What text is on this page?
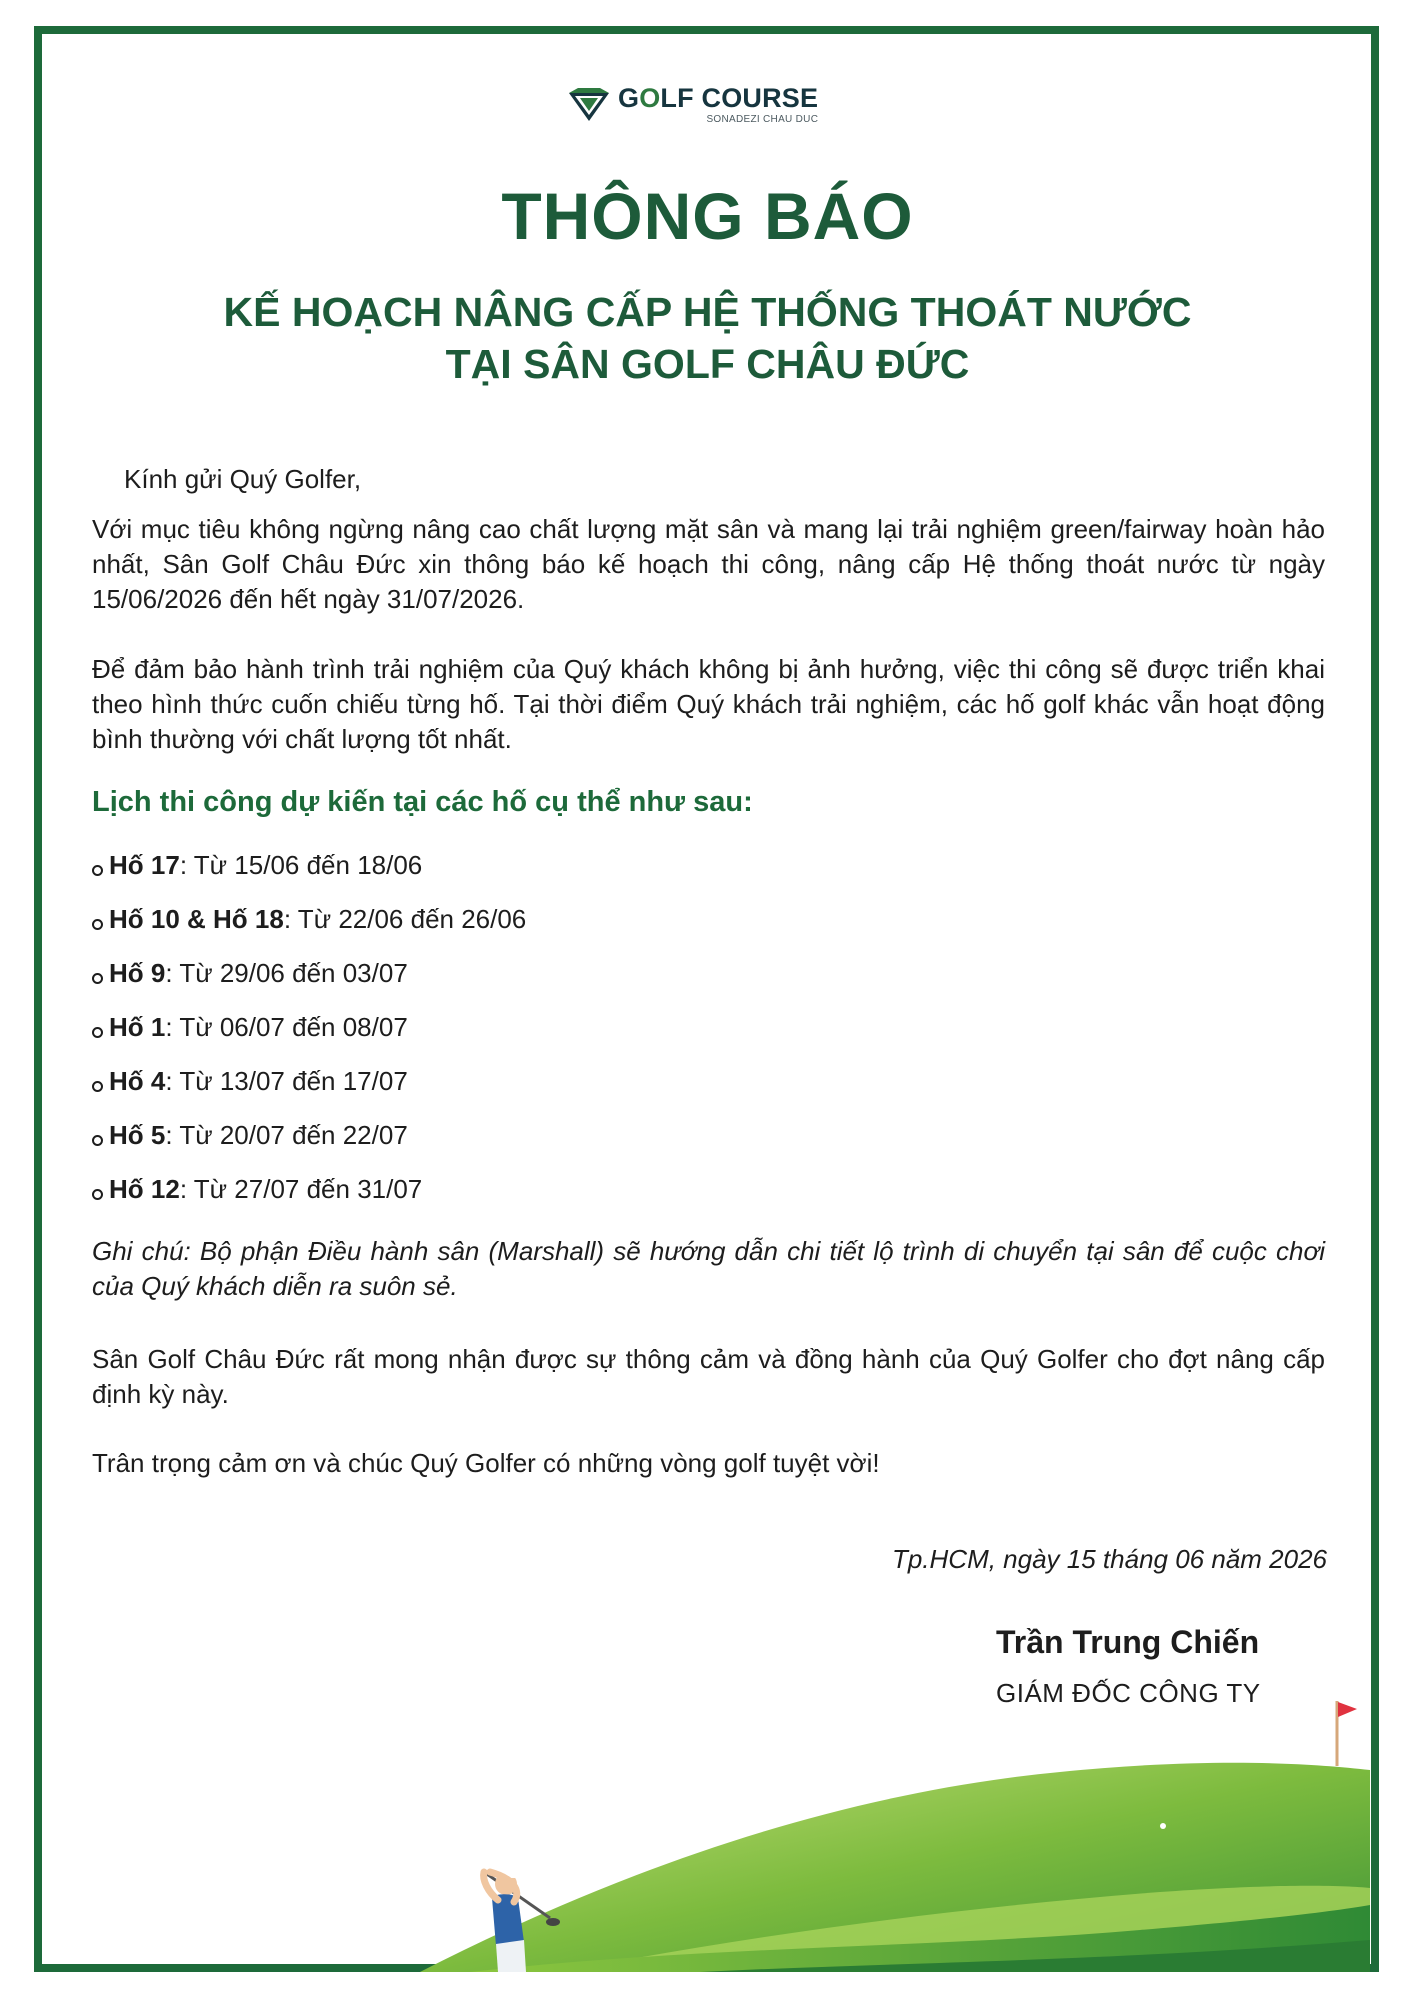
GOLF COURSE
SONADEZI CHAU DUC
THÔNG BÁO
KẾ HOẠCH NÂNG CẤP HỆ THỐNG THOÁT NƯỚC
TẠI SÂN GOLF CHÂU ĐỨC

Kính gửi Quý Golfer,

Với mục tiêu không ngừng nâng cao chất lượng mặt sân và mang lại trải nghiệm green/fairway hoàn hảo nhất, Sân Golf Châu Đức xin thông báo kế hoạch thi công, nâng cấp Hệ thống thoát nước từ ngày 15/06/2026 đến hết ngày 31/07/2026.

Để đảm bảo hành trình trải nghiệm của Quý khách không bị ảnh hưởng, việc thi công sẽ được triển khai theo hình thức cuốn chiếu từng hố. Tại thời điểm Quý khách trải nghiệm, các hố golf khác vẫn hoạt động bình thường với chất lượng tốt nhất.

Lịch thi công dự kiến tại các hố cụ thể như sau:
Hố 17 : Từ 15/06 đến 18/06
Hố 10 & Hố 18 : Từ 22/06 đến 26/06
Hố 9 : Từ 29/06 đến 03/07
Hố 1 : Từ 06/07 đến 08/07
Hố 4 : Từ 13/07 đến 17/07
Hố 5 : Từ 20/07 đến 22/07
Hố 12 : Từ 27/07 đến 31/07

Ghi chú: Bộ phận Điều hành sân (Marshall) sẽ hướng dẫn chi tiết lộ trình di chuyển tại sân để cuộc chơi của Quý khách diễn ra suôn sẻ.

Sân Golf Châu Đức rất mong nhận được sự thông cảm và đồng hành của Quý Golfer cho đợt nâng cấp định kỳ này.

Trân trọng cảm ơn và chúc Quý Golfer có những vòng golf tuyệt vời!

Tp.HCM, ngày 15 tháng 06 năm 2026

Trần Trung Chiến

GIÁM ĐỐC CÔNG TY
